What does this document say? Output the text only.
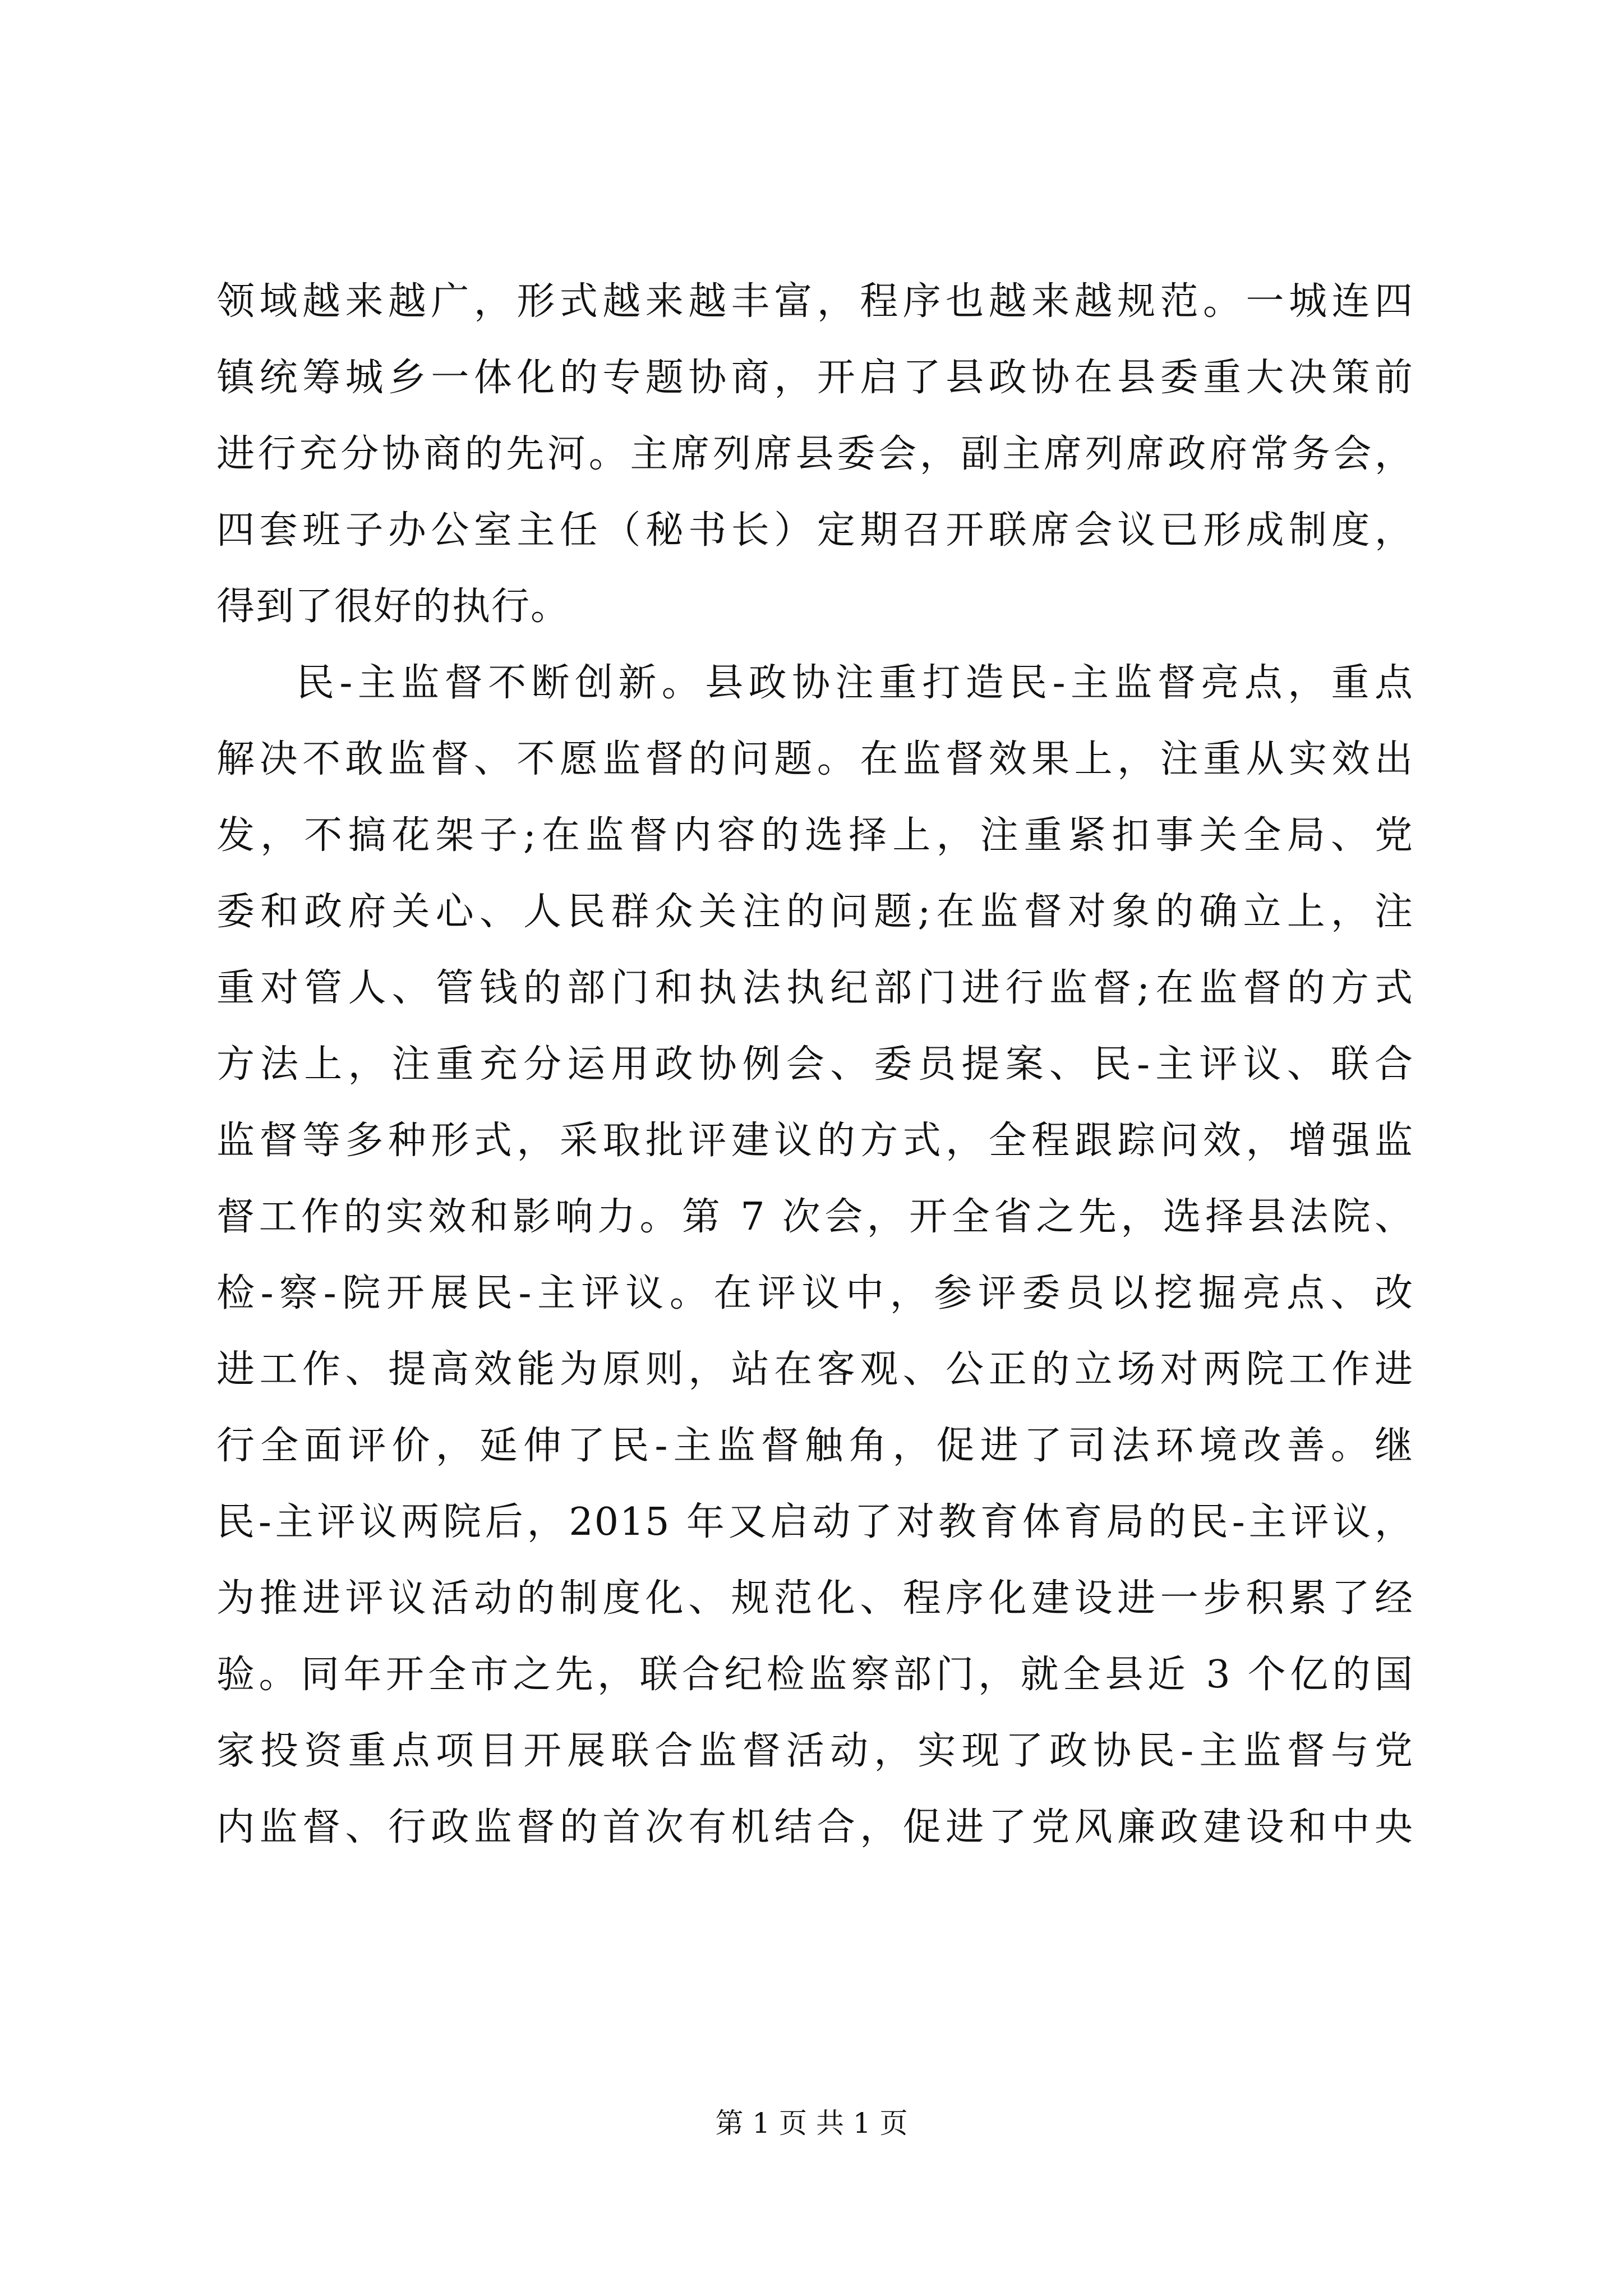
领域越来越广，形式越来越丰富，程序也越来越规范。一城连四
镇统筹城乡一体化的专题协商，开启了县政协在县委重大决策前
进行充分协商的先河。主席列席县委会，副主席列席政府常务会，
四套班子办公室主任（秘书长）定期召开联席会议已形成制度，
得到了很好的执行。
民-主监督不断创新。县政协注重打造民-主监督亮点，重点
解决不敢监督、不愿监督的问题。在监督效果上，注重从实效出
发，不搞花架子;在监督内容的选择上，注重紧扣事关全局、党
委和政府关心、人民群众关注的问题;在监督对象的确立上，注
重对管人、管钱的部门和执法执纪部门进行监督;在监督的方式
方法上，注重充分运用政协例会、委员提案、民-主评议、联合
监督等多种形式，采取批评建议的方式，全程跟踪问效，增强监
督工作的实效和影响力。第 7 次会，开全省之先，选择县法院、
检-察-院开展民-主评议。在评议中，参评委员以挖掘亮点、改
进工作、提高效能为原则，站在客观、公正的立场对两院工作进
行全面评价，延伸了民-主监督触角，促进了司法环境改善。继
民-主评议两院后，2015 年又启动了对教育体育局的民-主评议，
为推进评议活动的制度化、规范化、程序化建设进一步积累了经
验。同年开全市之先，联合纪检监察部门，就全县近 3 个亿的国
家投资重点项目开展联合监督活动，实现了政协民-主监督与党
内监督、行政监督的首次有机结合，促进了党风廉政建设和中央
第 1 页 共 1 页
